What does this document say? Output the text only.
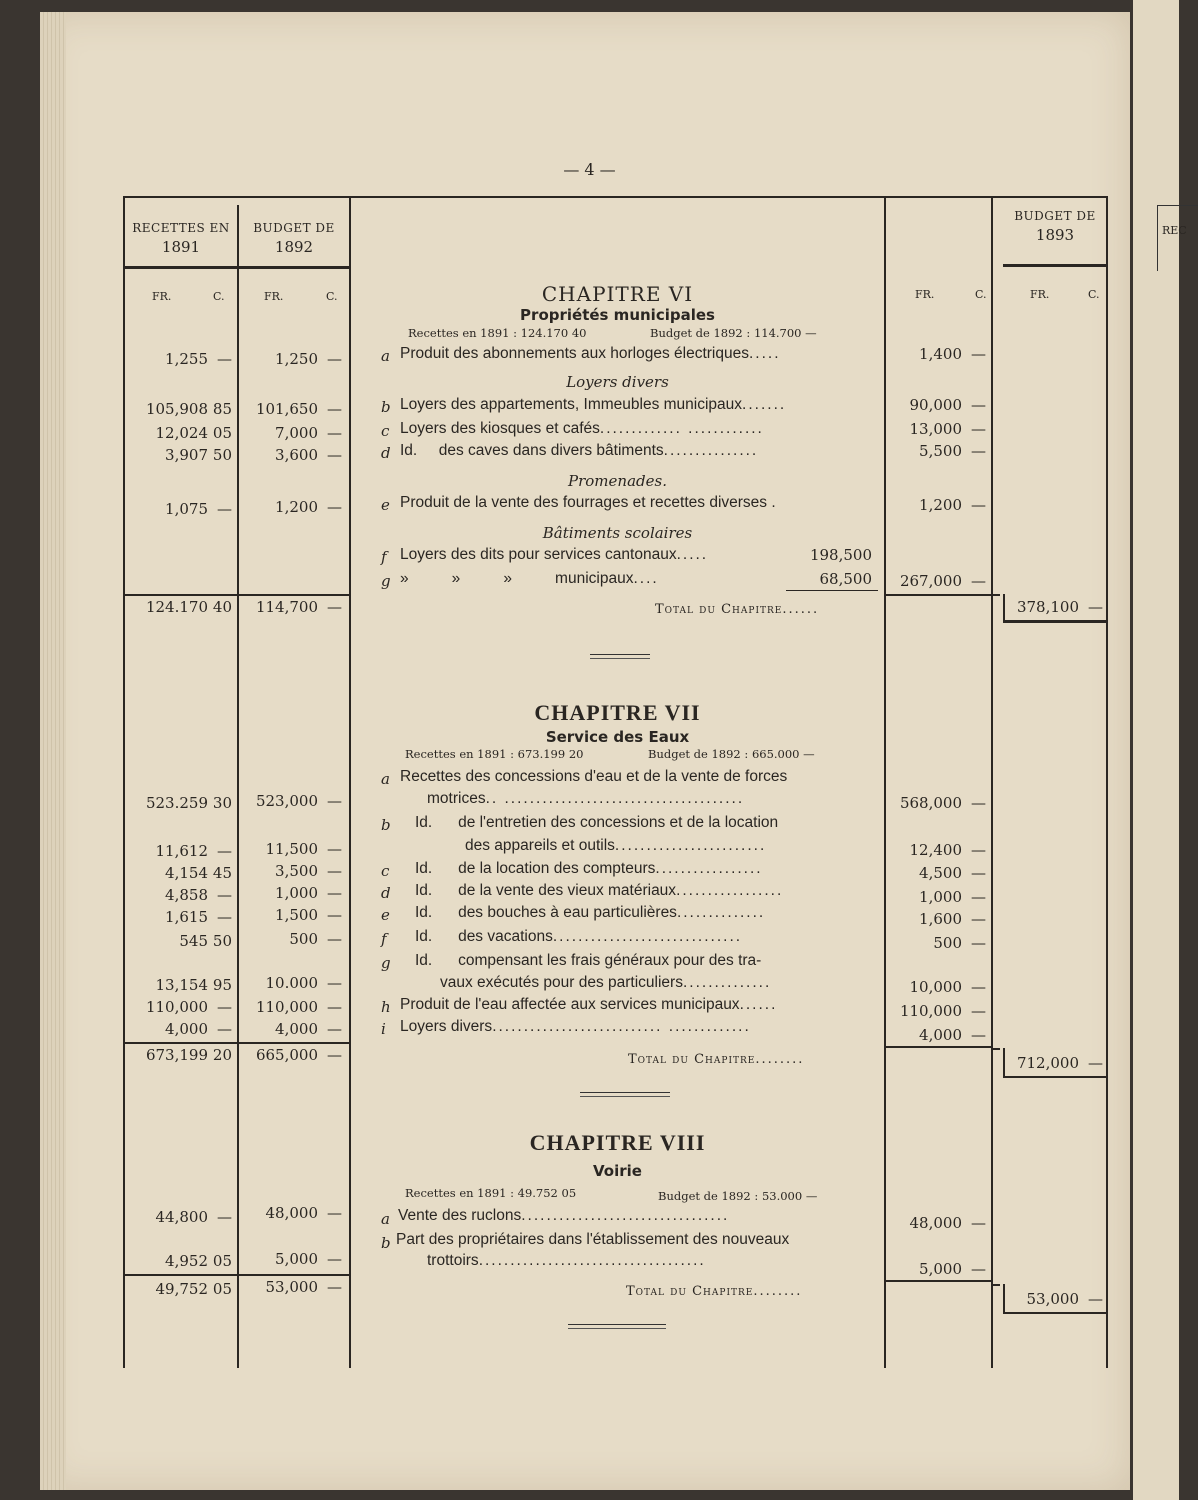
REC
— 4 —
RECETTES EN
1891
BUDGET DE
1892
BUDGET DE
1893
FR.	C.	FR.	C.	FR.	C.	FR.	C.
CHAPITRE VI
Propriétés municipales
Recettes en 1891 : 124.170 40	Budget de 1892 : 114.700 —
1,255 —	1,250 —	a Produit des abonnements aux horloges électriques.....	1,400 —
Loyers divers
105,908 85	101,650 —	b Loyers des appartements, Immeubles municipaux.......	90,000 —
12,024 05	7,000 —	c Loyers des kiosques et cafés............. ............	13,000 —
3,907 50	3,600 —	d Id.     des caves dans divers bâtiments...............	5,500 —
Promenades.
1,075 —	1,200 —	e Produit de la vente des fourrages et recettes diverses .	1,200 —
Bâtiments scolaires
f Loyers des dits pour services cantonaux.....	198,500
g »          »          »          municipaux....	68,500	267,000 —
124.170 40	114,700 —	Total du Chapitre......	378,100 —
CHAPITRE VII
Service des Eaux
Recettes en 1891 : 673.199 20	Budget de 1892 : 665.000 —
a Recettes des concessions d'eau et de la vente de forces
523.259 30	523,000 —	motrices.. ......................................	568,000 —
b Id.      de l'entretien des concessions et de la location
11,612 —	11,500 —	des appareils et outils........................	12,400 —
4,154 45	3,500 —	c Id.      de la location des compteurs.................	4,500 —
4,858 —	1,000 —	d Id.      de la vente des vieux matériaux.................	1,000 —
1,615 —	1,500 —	e Id.      des bouches à eau particulières..............	1,600 —
545 50	500 —	f Id.      des vacations..............................	500 —
g Id.      compensant les frais généraux pour des tra-
13,154 95	10.000 —	vaux exécutés pour des particuliers..............	10,000 —
110,000 —	110,000 —	h Produit de l'eau affectée aux services municipaux......	110,000 —
4,000 —	4,000 —	i Loyers divers........................... .............	4,000 —
673,199 20	665,000 —	Total du Chapitre........	712,000 —
CHAPITRE VIII
Voirie
Recettes en 1891 : 49.752 05	Budget de 1892 : 53.000 —
44,800 —	48,000 —	a Vente des ruclons.................................	48,000 —
b Part des propriétaires dans l'établissement des nouveaux
4,952 05	5,000 —	trottoirs....................................	5,000 —
49,752 05	53,000 —	Total du Chapitre........	53,000 —
